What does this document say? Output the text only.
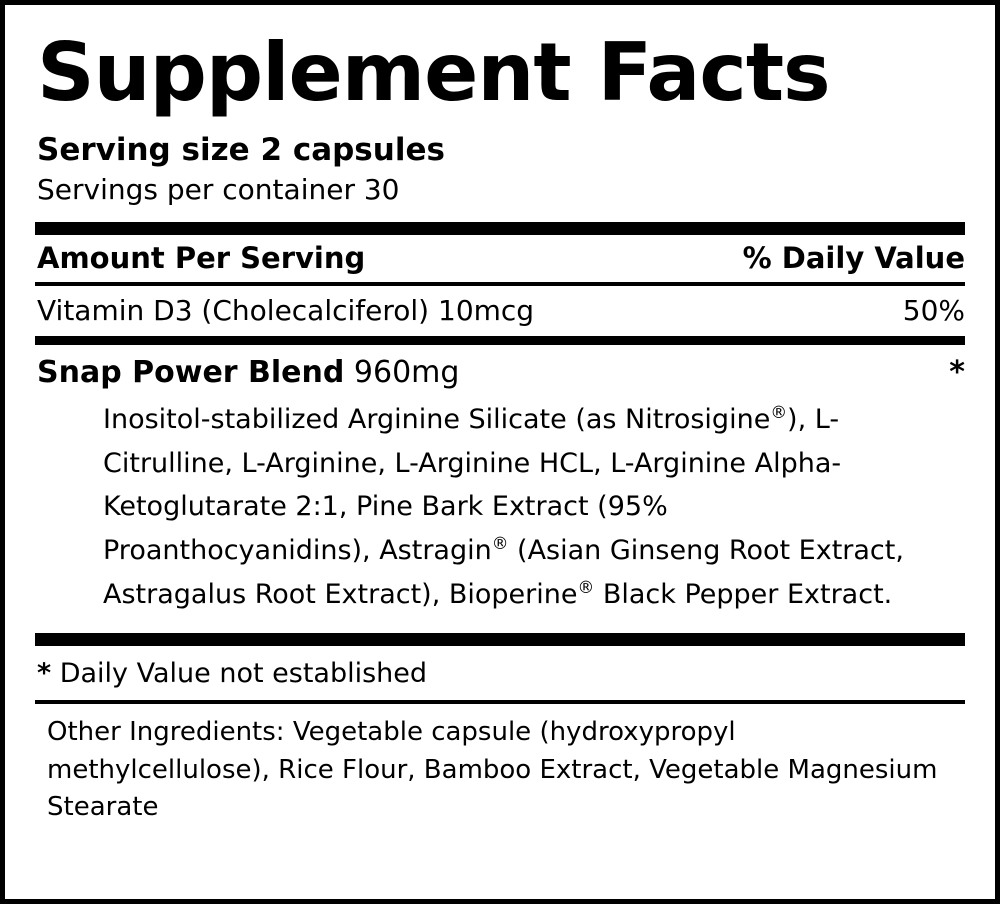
Supplement Facts
Serving size 2 capsules
Servings per container 30
Amount Per Serving	% Daily Value
Vitamin D3 (Cholecalciferol) 10mcg	50%
Snap Power Blend 960mg	*
Inositol-stabilized Arginine Silicate (as Nitrosigine®), L-Citrulline, L-Arginine, L-Arginine HCL, L-Arginine Alpha-Ketoglutarate 2:1, Pine Bark Extract (95% Proanthocyanidins), Astragin® (Asian Ginseng Root Extract, Astragalus Root Extract), Bioperine® Black Pepper Extract.
* Daily Value not established
Other Ingredients: Vegetable capsule (hydroxypropyl methylcellulose), Rice Flour, Bamboo Extract, Vegetable Magnesium Stearate
